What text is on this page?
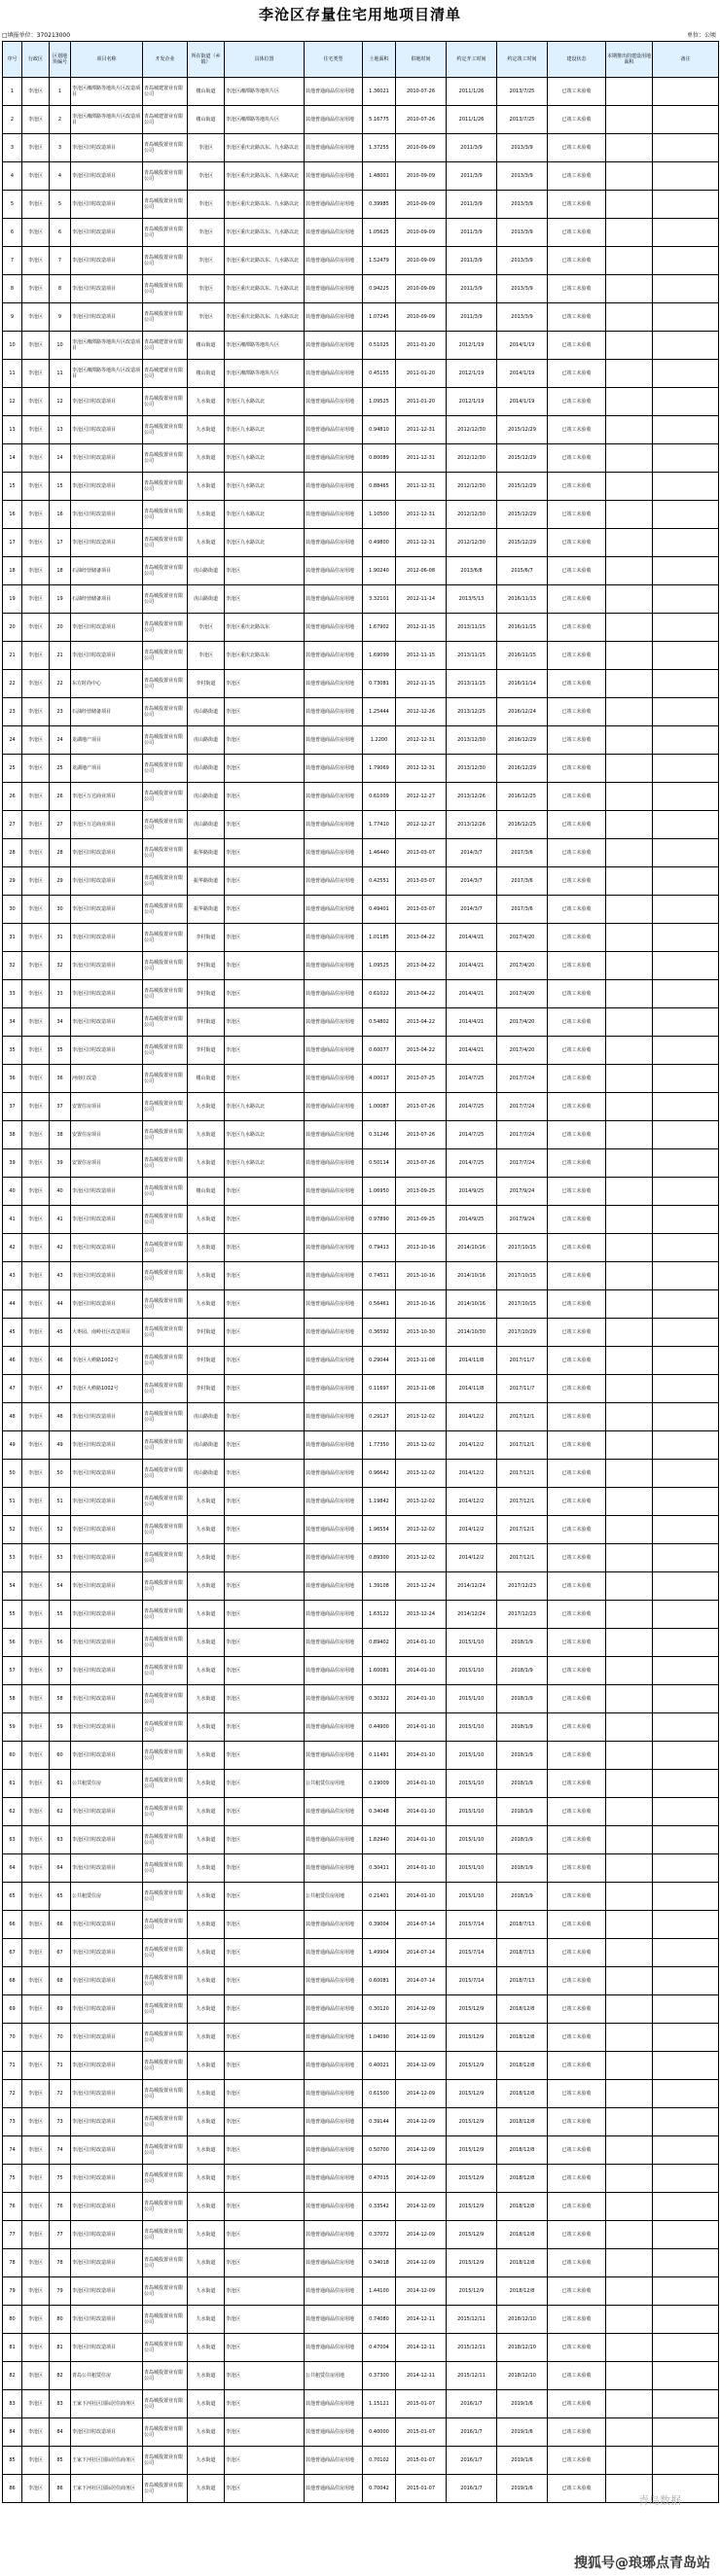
李沧区存量住宅用地项目清单
□填报单位：370213000	单位：公顷
序号	行政区	区划地块编号	项目名称	开发企业	所在街道（乡镇）	具体位置	住宅类型	土地面积	供地时间	约定开工时间	约定竣工时间	建设状态	本期推出的建设用地面积	备注
1	李沧区	1	李沧区湘潭路等地块片区改造项目	青岛城建置业有限公司	楼山街道	李沧区湘潭路等地块片区	其他普通商品住房用地	1.36021	2010-07-26	2011/1/26	2013/7/25	已竣工未验收		
2	李沧区	2	李沧区湘潭路等地块片区改造项目	青岛城建置业有限公司	楼山街道	李沧区湘潭路等地块片区	其他普通商品住房用地	5.16775	2010-07-26	2011/1/26	2013/7/25	已竣工未验收		
3	李沧区	3	李沧区旧村改造项目	青岛城投置业有限公司	李沧区	李沧区重庆北路以东、九水路以北	其他普通商品住房用地	1.37255	2010-09-09	2011/3/9	2013/3/9	已竣工未验收		
4	李沧区	4	李沧区旧村改造项目	青岛城投置业有限公司	李沧区	李沧区重庆北路以东、九水路以北	其他普通商品住房用地	1.48001	2010-09-09	2011/3/9	2013/3/9	已竣工未验收		
5	李沧区	5	李沧区旧村改造项目	青岛城投置业有限公司	李沧区	李沧区重庆北路以东、九水路以北	其他普通商品住房用地	0.39985	2010-09-09	2011/3/9	2013/3/9	已竣工未验收		
6	李沧区	6	李沧区旧村改造项目	青岛城投置业有限公司	李沧区	李沧区重庆北路以东、九水路以北	其他普通商品住房用地	1.05625	2010-09-09	2011/3/9	2013/3/9	已竣工未验收		
7	李沧区	7	李沧区旧村改造项目	青岛城投置业有限公司	李沧区	李沧区重庆北路以东、九水路以北	其他普通商品住房用地	1.52479	2010-09-09	2011/3/9	2013/3/9	已竣工未验收		
8	李沧区	8	李沧区旧村改造项目	青岛城投置业有限公司	李沧区	李沧区重庆北路以东、九水路以北	其他普通商品住房用地	0.94225	2010-09-09	2011/3/9	2013/3/9	已竣工未验收		
9	李沧区	9	李沧区旧村改造项目	青岛城投置业有限公司	李沧区	李沧区重庆北路以东、九水路以北	其他普通商品住房用地	1.07245	2010-09-09	2011/3/9	2013/3/9	已竣工未验收		
10	李沧区	10	李沧区湘潭路等地块片区改造项目	青岛城建置业有限公司	楼山街道	李沧区湘潭路等地块片区	其他普通商品住房用地	0.51025	2011-01-20	2012/1/19	2014/1/19	已竣工未验收		
11	李沧区	11	李沧区湘潭路等地块片区改造项目	青岛城建置业有限公司	楼山街道	李沧区湘潭路等地块片区	其他普通商品住房用地	0.45155	2011-01-20	2012/1/19	2014/1/19	已竣工未验收		
12	李沧区	12	李沧区旧村改造项目	青岛城投置业有限公司	九水街道	李沧区九水路以北	其他普通商品住房用地	1.09525	2011-01-20	2012/1/19	2014/1/19	已竣工未验收		
13	李沧区	13	李沧区旧村改造项目	青岛城投置业有限公司	九水街道	李沧区九水路以北	其他普通商品住房用地	0.94810	2011-12-31	2012/12/30	2015/12/29	已竣工未验收		
14	李沧区	14	李沧区旧村改造项目	青岛城投置业有限公司	九水街道	李沧区九水路以北	其他普通商品住房用地	0.80089	2011-12-31	2012/12/30	2015/12/29	已竣工未验收		
15	李沧区	15	李沧区旧村改造项目	青岛城投置业有限公司	九水街道	李沧区九水路以北	其他普通商品住房用地	0.88465	2011-12-31	2012/12/30	2015/12/29	已竣工未验收		
16	李沧区	16	李沧区旧村改造项目	青岛城投置业有限公司	九水街道	李沧区九水路以北	其他普通商品住房用地	1.10500	2011-12-31	2012/12/30	2015/12/29	已竣工未验收		
17	李沧区	17	李沧区旧村改造项目	青岛城投置业有限公司	九水街道	李沧区九水路以北	其他普通商品住房用地	0.49800	2011-12-31	2012/12/30	2015/12/29	已竣工未验收		
18	李沧区	18	石油经营储备项目	青岛城投置业有限公司	虎山路街道	李沧区	其他普通商品住房用地	1.90240	2012-06-08	2013/6/8	2015/6/7	已竣工未验收		
19	李沧区	19	石油经营储备项目	青岛城投置业有限公司	虎山路街道	李沧区	其他普通商品住房用地	3.32101	2012-11-14	2013/5/13	2016/11/13	已竣工未验收		
20	李沧区	20	李沧区旧村改造项目	青岛城投置业有限公司	李沧区	李沧区重庆北路以东	其他普通商品住房用地	1.67902	2012-11-15	2013/11/15	2016/11/15	已竣工未验收		
21	李沧区	21	李沧区旧村改造项目	青岛城投置业有限公司	李沧区	李沧区重庆北路以东	其他普通商品住房用地	1.69099	2012-11-15	2013/11/15	2016/11/15	已竣工未验收		
22	李沧区	22	东方时尚中心	青岛城投置业有限公司	李村街道	李沧区	其他普通商品住房用地	0.73081	2012-11-15	2013/11/15	2016/11/14	已竣工未验收		
23	李沧区	23	石油经营储备项目	青岛城投置业有限公司	虎山路街道	李沧区	其他普通商品住房用地	1.25444	2012-12-26	2013/12/25	2016/12/24	已竣工未验收		
24	李沧区	24	龙湖地产项目	青岛城投置业有限公司	虎山路街道	李沧区	其他普通商品住房用地	1.2200	2012-12-31	2013/12/30	2016/12/29	已竣工未验收		
25	李沧区	25	龙湖地产项目	青岛城投置业有限公司	虎山路街道	李沧区	其他普通商品住房用地	1.79069	2012-12-31	2013/12/30	2016/12/29	已竣工未验收		
26	李沧区	26	李沧区万达商业项目	青岛城投置业有限公司	虎山路街道	李沧区	其他普通商品住房用地	0.61009	2012-12-27	2013/12/26	2016/12/25	已竣工未验收		
27	李沧区	27	李沧区万达商业项目	青岛城投置业有限公司	虎山路街道	李沧区	其他普通商品住房用地	1.77410	2012-12-27	2013/12/26	2016/12/25	已竣工未验收		
28	李沧区	28	李沧区旧村改造项目	青岛城投置业有限公司	振华路街道	李沧区	其他普通商品住房用地	1.46440	2013-03-07	2014/3/7	2017/3/6	已竣工未验收		
29	李沧区	29	李沧区旧村改造项目	青岛城投置业有限公司	振华路街道	李沧区	其他普通商品住房用地	0.42551	2013-03-07	2014/3/7	2017/3/6	已竣工未验收		
30	李沧区	30	李沧区旧村改造项目	青岛城投置业有限公司	振华路街道	李沧区	其他普通商品住房用地	0.49401	2013-03-07	2014/3/7	2017/3/6	已竣工未验收		
31	李沧区	31	李沧区旧村改造项目	青岛城投置业有限公司	李村街道	李沧区	其他普通商品住房用地	1.01185	2013-04-22	2014/4/21	2017/4/20	已竣工未验收		
32	李沧区	32	李沧区旧村改造项目	青岛城投置业有限公司	李村街道	李沧区	其他普通商品住房用地	1.09525	2013-04-22	2014/4/21	2017/4/20	已竣工未验收		
33	李沧区	33	李沧区旧村改造项目	青岛城投置业有限公司	李村街道	李沧区	其他普通商品住房用地	0.61022	2013-04-22	2014/4/21	2017/4/20	已竣工未验收		
34	李沧区	34	李沧区旧村改造项目	青岛城投置业有限公司	李村街道	李沧区	其他普通商品住房用地	0.54802	2013-04-22	2014/4/21	2017/4/20	已竣工未验收		
35	李沧区	35	李沧区旧村改造项目	青岛城投置业有限公司	李村街道	李沧区	其他普通商品住房用地	0.60077	2013-04-22	2014/4/21	2017/4/20	已竣工未验收		
36	李沧区	36	河南庄改造	青岛城投置业有限公司	楼山街道	李沧区	其他普通商品住房用地	4.00017	2013-07-25	2014/7/25	2017/7/24	已竣工未验收		
37	李沧区	37	安置住房项目	青岛城投置业有限公司	九水街道	李沧区九水路以北	其他普通商品住房用地	1.00087	2013-07-26	2014/7/25	2017/7/24	已竣工未验收		
38	李沧区	38	安置住房项目	青岛城投置业有限公司	九水街道	李沧区九水路以北	其他普通商品住房用地	0.31246	2013-07-26	2014/7/25	2017/7/24	已竣工未验收		
39	李沧区	39	安置住房项目	青岛城投置业有限公司	九水街道	李沧区九水路以北	其他普通商品住房用地	0.50114	2013-07-26	2014/7/25	2017/7/24	已竣工未验收		
40	李沧区	40	李沧区旧村改造项目	青岛城投置业有限公司	楼山街道	李沧区	其他普通商品住房用地	1.06950	2013-09-25	2014/9/25	2017/9/24	已竣工未验收		
41	李沧区	41	李沧区旧村改造项目	青岛城投置业有限公司	九水街道	李沧区	其他普通商品住房用地	0.97890	2013-09-25	2014/9/25	2017/9/24	已竣工未验收		
42	李沧区	42	李沧区旧村改造项目	青岛城投置业有限公司	九水街道	李沧区	其他普通商品住房用地	0.79413	2013-10-16	2014/10/16	2017/10/15	已竣工未验收		
43	李沧区	43	李沧区旧村改造项目	青岛城投置业有限公司	九水街道	李沧区	其他普通商品住房用地	0.74511	2013-10-16	2014/10/16	2017/10/15	已竣工未验收		
44	李沧区	44	李沧区旧村改造项目	青岛城投置业有限公司	九水街道	李沧区	其他普通商品住房用地	0.56461	2013-10-16	2014/10/16	2017/10/15	已竣工未验收		
45	李沧区	45	大枣园、南岭社区改造项目	青岛城投置业有限公司	李村街道	李沧区	其他普通商品住房用地	0.36592	2013-10-30	2014/10/30	2017/10/29	已竣工未验收		
46	李沧区	46	李沧区大崂路1002号	青岛城投置业有限公司	李村街道	李沧区	其他普通商品住房用地	0.29044	2013-11-08	2014/11/8	2017/11/7	已竣工未验收		
47	李沧区	47	李沧区大崂路1002号	青岛城投置业有限公司	李村街道	李沧区	其他普通商品住房用地	0.11697	2013-11-08	2014/11/8	2017/11/7	已竣工未验收		
48	李沧区	48	李沧区旧村改造项目	青岛城投置业有限公司	虎山路街道	李沧区	其他普通商品住房用地	0.29127	2013-12-02	2014/12/2	2017/12/1	已竣工未验收		
49	李沧区	49	李沧区旧村改造项目	青岛城投置业有限公司	虎山路街道	李沧区	其他普通商品住房用地	1.77350	2013-12-02	2014/12/2	2017/12/1	已竣工未验收		
50	李沧区	50	李沧区旧村改造项目	青岛城投置业有限公司	虎山路街道	李沧区	其他普通商品住房用地	0.96642	2013-12-02	2014/12/2	2017/12/1	已竣工未验收		
51	李沧区	51	李沧区旧村改造项目	青岛城投置业有限公司	九水街道	李沧区	其他普通商品住房用地	1.19842	2013-12-02	2014/12/2	2017/12/1	已竣工未验收		
52	李沧区	52	李沧区旧村改造项目	青岛城投置业有限公司	九水街道	李沧区	其他普通商品住房用地	1.96554	2013-12-02	2014/12/2	2017/12/1	已竣工未验收		
53	李沧区	53	李沧区旧村改造项目	青岛城投置业有限公司	九水街道	李沧区	其他普通商品住房用地	0.89300	2013-12-02	2014/12/2	2017/12/1	已竣工未验收		
54	李沧区	54	李沧区旧村改造项目	青岛城投置业有限公司	九水街道	李沧区	其他普通商品住房用地	1.39108	2013-12-24	2014/12/24	2017/12/23	已竣工未验收		
55	李沧区	55	李沧区旧村改造项目	青岛城投置业有限公司	九水街道	李沧区	其他普通商品住房用地	1.63122	2013-12-24	2014/12/24	2017/12/23	已竣工未验收		
56	李沧区	56	李沧区旧村改造项目	青岛城投置业有限公司	九水街道	李沧区	其他普通商品住房用地	0.89402	2014-01-10	2015/1/10	2018/1/9	已竣工未验收		
57	李沧区	57	李沧区旧村改造项目	青岛城投置业有限公司	九水街道	李沧区	其他普通商品住房用地	1.60081	2014-01-10	2015/1/10	2018/1/9	已竣工未验收		
58	李沧区	58	李沧区旧村改造项目	青岛城投置业有限公司	九水街道	李沧区	其他普通商品住房用地	0.30322	2014-01-10	2015/1/10	2018/1/9	已竣工未验收		
59	李沧区	59	李沧区旧村改造项目	青岛城投置业有限公司	九水街道	李沧区	其他普通商品住房用地	0.44900	2014-01-10	2015/1/10	2018/1/9	已竣工未验收		
60	李沧区	60	李沧区旧村改造项目	青岛城投置业有限公司	九水街道	李沧区	其他普通商品住房用地	0.11491	2014-01-10	2015/1/10	2018/1/9	已竣工未验收		
61	李沧区	61	公共租赁住房	青岛城投置业有限公司	九水街道	李沧区	公共租赁住房用地	0.19009	2014-01-10	2015/1/10	2018/1/9	已竣工未验收		
62	李沧区	62	李沧区旧村改造项目	青岛城投置业有限公司	九水街道	李沧区	其他普通商品住房用地	0.34048	2014-01-10	2015/1/10	2018/1/9	已竣工未验收		
63	李沧区	63	李沧区旧村改造项目	青岛城投置业有限公司	九水街道	李沧区	其他普通商品住房用地	1.82940	2014-01-10	2015/1/10	2018/1/9	已竣工未验收		
64	李沧区	64	李沧区旧村改造项目	青岛城投置业有限公司	九水街道	李沧区	其他普通商品住房用地	0.30411	2014-01-10	2015/1/10	2018/1/9	已竣工未验收		
65	李沧区	65	公共租赁住房	青岛城投置业有限公司	九水街道	李沧区	公共租赁住房用地	0.21401	2014-01-10	2015/1/10	2018/1/9	已竣工未验收		
66	李沧区	66	李沧区旧村改造项目	青岛城投置业有限公司	九水街道	李沧区	其他普通商品住房用地	0.39004	2014-07-14	2015/7/14	2018/7/13	已竣工未验收		
67	李沧区	67	李沧区旧村改造项目	青岛城投置业有限公司	九水街道	李沧区	其他普通商品住房用地	1.49904	2014-07-14	2015/7/14	2018/7/13	已竣工未验收		
68	李沧区	68	李沧区旧村改造项目	青岛城投置业有限公司	九水街道	李沧区	其他普通商品住房用地	0.60081	2014-07-14	2015/7/14	2018/7/13	已竣工未验收		
69	李沧区	69	李沧区旧村改造项目	青岛城投置业有限公司	九水街道	李沧区	其他普通商品住房用地	0.30120	2014-12-09	2015/12/9	2018/12/8	已竣工未验收		
70	李沧区	70	李沧区旧村改造项目	青岛城投置业有限公司	九水街道	李沧区	其他普通商品住房用地	1.04090	2014-12-09	2015/12/9	2018/12/8	已竣工未验收		
71	李沧区	71	李沧区旧村改造项目	青岛城投置业有限公司	九水街道	李沧区	其他普通商品住房用地	0.40021	2014-12-09	2015/12/9	2018/12/8	已竣工未验收		
72	李沧区	72	李沧区旧村改造项目	青岛城投置业有限公司	九水街道	李沧区	其他普通商品住房用地	0.61500	2014-12-09	2015/12/9	2018/12/8	已竣工未验收		
73	李沧区	73	李沧区旧村改造项目	青岛城投置业有限公司	九水街道	李沧区	其他普通商品住房用地	0.39144	2014-12-09	2015/12/9	2018/12/8	已竣工未验收		
74	李沧区	74	李沧区旧村改造项目	青岛城投置业有限公司	九水街道	李沧区	其他普通商品住房用地	0.50700	2014-12-09	2015/12/9	2018/12/8	已竣工未验收		
75	李沧区	75	李沧区旧村改造项目	青岛城投置业有限公司	九水街道	李沧区	其他普通商品住房用地	0.47015	2014-12-09	2015/12/9	2018/12/8	已竣工未验收		
76	李沧区	76	李沧区旧村改造项目	青岛城投置业有限公司	九水街道	李沧区	其他普通商品住房用地	0.33542	2014-12-09	2015/12/9	2018/12/8	已竣工未验收		
77	李沧区	77	李沧区旧村改造项目	青岛城投置业有限公司	九水街道	李沧区	其他普通商品住房用地	0.37072	2014-12-09	2015/12/9	2018/12/8	已竣工未验收		
78	李沧区	78	李沧区旧村改造项目	青岛城投置业有限公司	九水街道	李沧区	其他普通商品住房用地	0.34018	2014-12-09	2015/12/9	2018/12/8	已竣工未验收		
79	李沧区	79	李沧区旧村改造项目	青岛城投置业有限公司	九水街道	李沧区	其他普通商品住房用地	1.44100	2014-12-09	2015/12/9	2018/12/8	已竣工未验收		
80	李沧区	80	李沧区旧村改造项目	青岛城投置业有限公司	九水街道	李沧区	其他普通商品住房用地	0.74080	2014-12-11	2015/12/11	2018/12/10	已竣工未验收		
81	李沧区	81	李沧区旧村改造项目	青岛城投置业有限公司	九水街道	李沧区	其他普通商品住房用地	0.47004	2014-12-11	2015/12/11	2018/12/10	已竣工未验收		
82	李沧区	82	青岛公共租赁住房	青岛城投置业有限公司	九水街道	李沧区	公共租赁住房用地	0.37300	2014-12-11	2015/12/11	2018/12/10	已竣工未验收		
83	李沧区	83	王家下河社区国际居住商务区	青岛城投置业有限公司	九水街道	李沧区	其他普通商品住房用地	1.15121	2015-01-07	2016/1/7	2019/1/6	已竣工未验收		
84	李沧区	84	李沧区旧村改造项目	青岛城投置业有限公司	九水街道	李沧区	其他普通商品住房用地	0.40000	2015-01-07	2016/1/7	2019/1/6	已竣工未验收		
85	李沧区	85	王家下河社区国际居住商务区	青岛城投置业有限公司	九水街道	李沧区	其他普通商品住房用地	0.70102	2015-01-07	2016/1/7	2019/1/6	已竣工未验收		
86	李沧区	86	王家下河社区国际居住商务区	青岛城投置业有限公司	九水街道	李沧区	其他普通商品住房用地	0.70042	2015-01-07	2016/1/7	2019/1/6	已竣工未验收		
青岛数据
搜狐号@琅琊点青岛站
